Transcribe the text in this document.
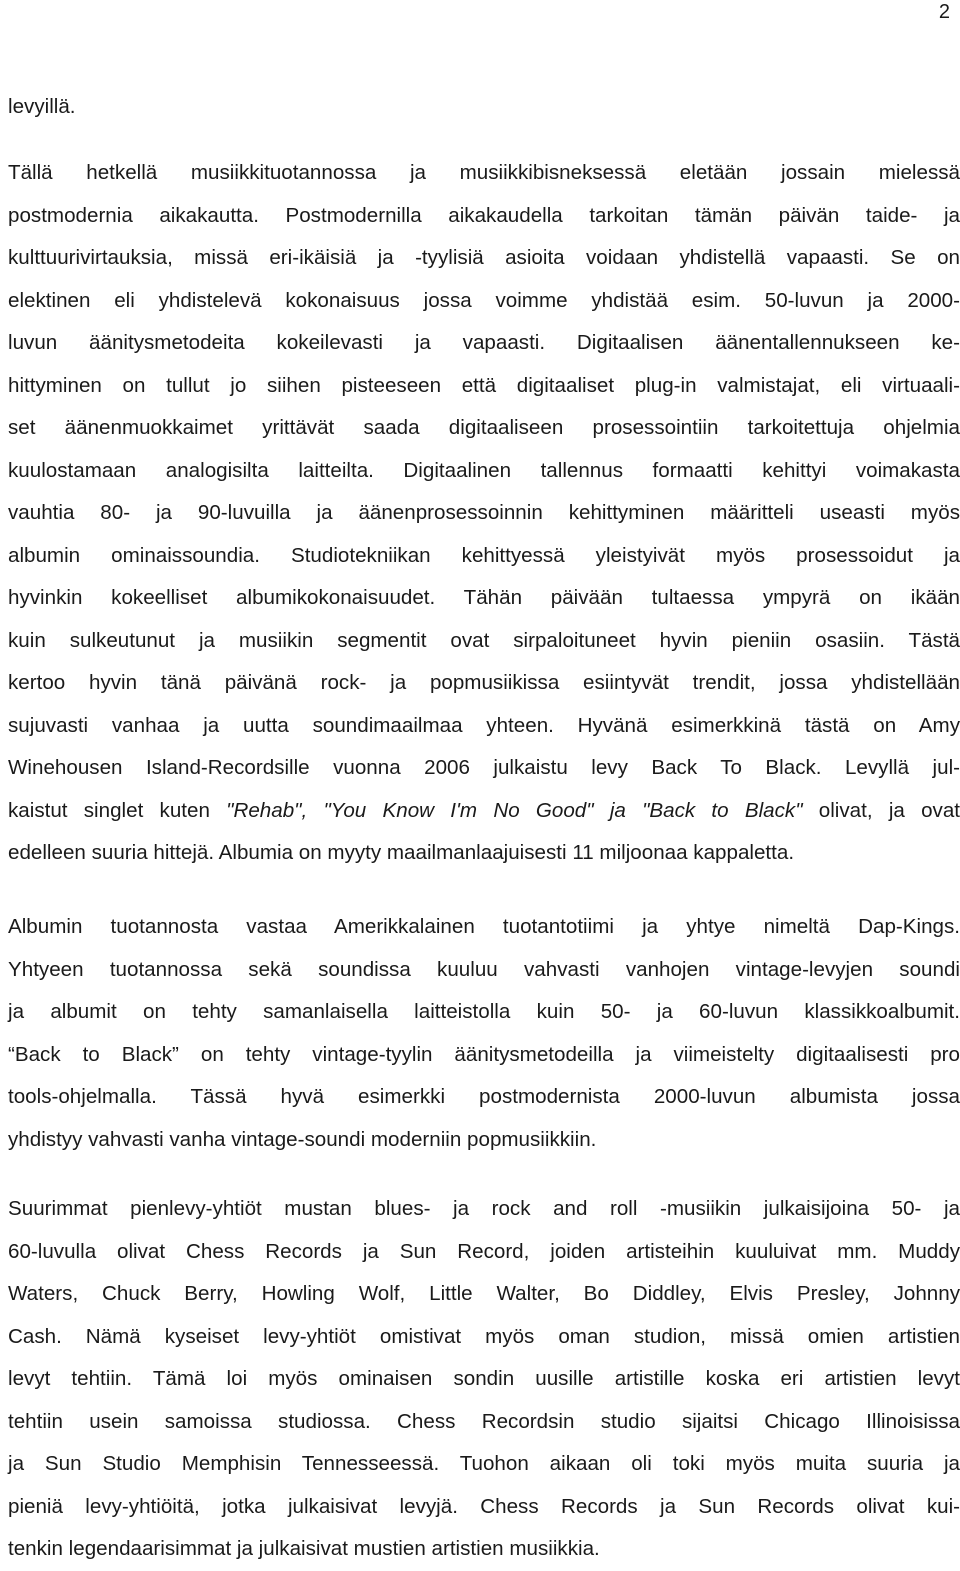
2
levyillä.
Tällä hetkellä musiikkituotannossa ja musiikkibisneksessä eletään jossain mielessä
postmodernia aikakautta. Postmodernilla aikakaudella tarkoitan tämän päivän taide- ja
kulttuurivirtauksia, missä eri-ikäisiä ja -tyylisiä asioita voidaan yhdistellä vapaasti. Se on
elektinen eli yhdistelevä kokonaisuus jossa voimme yhdistää esim. 50-luvun ja 2000-
luvun äänitysmetodeita kokeilevasti ja vapaasti. Digitaalisen äänentallennukseen ke-
hittyminen on tullut jo siihen pisteeseen että digitaaliset plug-in valmistajat, eli virtuaali-
set äänenmuokkaimet yrittävät saada digitaaliseen prosessointiin tarkoitettuja ohjelmia
kuulostamaan analogisilta laitteilta. Digitaalinen tallennus formaatti kehittyi voimakasta
vauhtia 80- ja 90-luvuilla ja äänenprosessoinnin kehittyminen määritteli useasti myös
albumin ominaissoundia. Studiotekniikan kehittyessä yleistyivät myös prosessoidut ja
hyvinkin kokeelliset albumikokonaisuudet. Tähän päivään tultaessa ympyrä on ikään
kuin sulkeutunut ja musiikin segmentit ovat sirpaloituneet hyvin pieniin osasiin. Tästä
kertoo hyvin tänä päivänä rock- ja popmusiikissa esiintyvät trendit, jossa yhdistellään
sujuvasti vanhaa ja uutta soundimaailmaa yhteen. Hyvänä esimerkkinä tästä on Amy
Winehousen Island-Recordsille vuonna 2006 julkaistu levy Back To Black. Levyllä jul-
kaistut singlet kuten "Rehab", "You Know I'm No Good" ja "Back to Black" olivat, ja ovat
edelleen suuria hittejä. Albumia on myyty maailmanlaajuisesti 11 miljoonaa kappaletta.
Albumin tuotannosta vastaa Amerikkalainen tuotantotiimi ja yhtye nimeltä Dap-Kings.
Yhtyeen tuotannossa sekä soundissa kuuluu vahvasti vanhojen vintage-levyjen soundi
ja albumit on tehty samanlaisella laitteistolla kuin 50- ja 60-luvun klassikkoalbumit.
“Back to Black” on tehty vintage-tyylin äänitysmetodeilla ja viimeistelty digitaalisesti pro
tools-ohjelmalla. Tässä hyvä esimerkki postmodernista 2000-luvun albumista jossa
yhdistyy vahvasti vanha vintage-soundi moderniin popmusiikkiin.
Suurimmat pienlevy-yhtiöt mustan blues- ja rock and roll -musiikin julkaisijoina 50- ja
60-luvulla olivat Chess Records ja Sun Record, joiden artisteihin kuuluivat mm. Muddy
Waters, Chuck Berry, Howling Wolf, Little Walter, Bo Diddley, Elvis Presley, Johnny
Cash. Nämä kyseiset levy-yhtiöt omistivat myös oman studion, missä omien artistien
levyt tehtiin. Tämä loi myös ominaisen sondin uusille artistille koska eri artistien levyt
tehtiin usein samoissa studiossa. Chess Recordsin studio sijaitsi Chicago Illinoisissa
ja Sun Studio Memphisin Tennesseessä. Tuohon aikaan oli toki myös muita suuria ja
pieniä levy-yhtiöitä, jotka julkaisivat levyjä. Chess Records ja Sun Records olivat kui-
tenkin legendaarisimmat ja julkaisivat mustien artistien musiikkia.
